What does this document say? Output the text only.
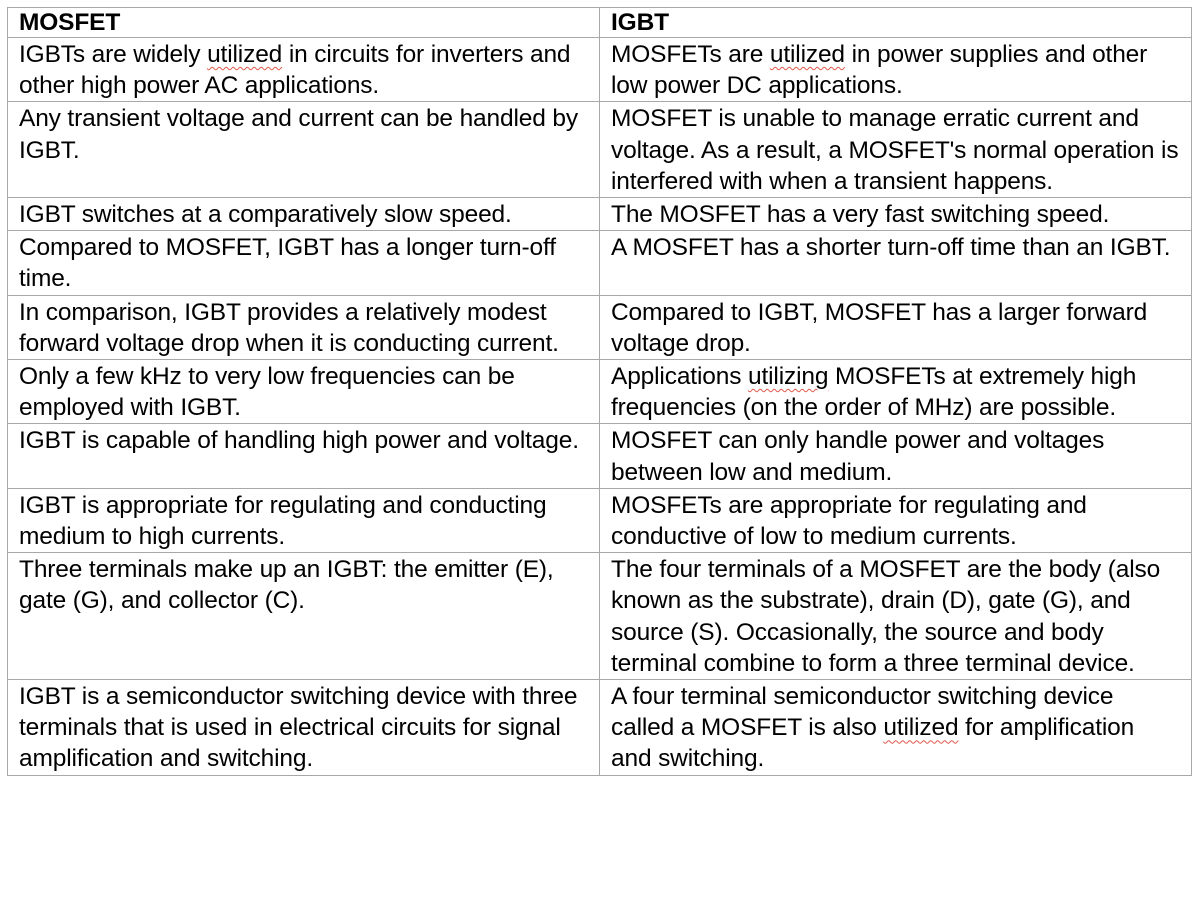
MOSFET	IGBT
IGBTs are widely utilized in circuits for inverters and other high power AC applications.	MOSFETs are utilized in power supplies and other low power DC applications.
Any transient voltage and current can be handled by IGBT.	MOSFET is unable to manage erratic current and voltage. As a result, a MOSFET's normal operation is interfered with when a transient happens.
IGBT switches at a comparatively slow speed.	The MOSFET has a very fast switching speed.
Compared to MOSFET, IGBT has a longer turn-off time.	A MOSFET has a shorter turn-off time than an IGBT.
In comparison, IGBT provides a relatively modest forward voltage drop when it is conducting current.	Compared to IGBT, MOSFET has a larger forward voltage drop.
Only a few kHz to very low frequencies can be employed with IGBT.	Applications utilizing MOSFETs at extremely high frequencies (on the order of MHz) are possible.
IGBT is capable of handling high power and voltage.	MOSFET can only handle power and voltages between low and medium.
IGBT is appropriate for regulating and conducting medium to high currents.	MOSFETs are appropriate for regulating and conductive of low to medium currents.
Three terminals make up an IGBT: the emitter (E), gate (G), and collector (C).	The four terminals of a MOSFET are the body (also known as the substrate), drain (D), gate (G), and source (S). Occasionally, the source and body terminal combine to form a three terminal device.
IGBT is a semiconductor switching device with three terminals that is used in electrical circuits for signal amplification and switching.	A four terminal semiconductor switching device called a MOSFET is also utilized for amplification and switching.
